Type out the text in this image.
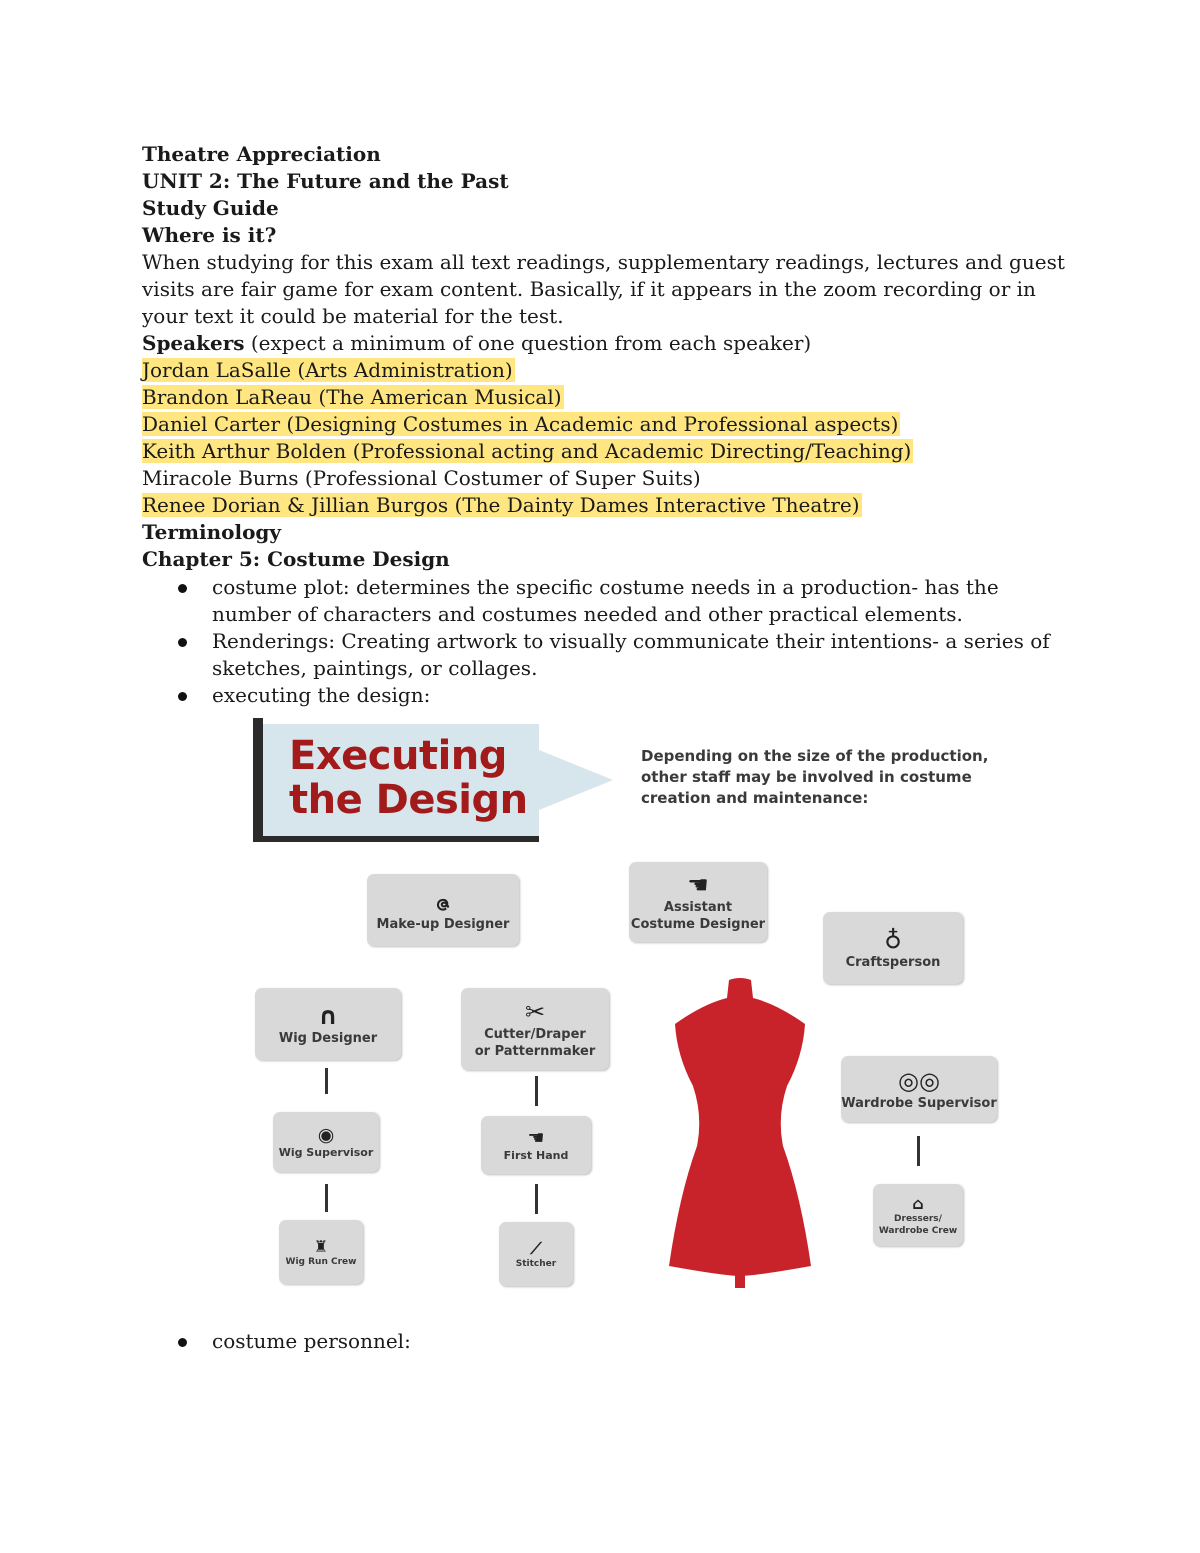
Theatre Appreciation
UNIT 2: The Future and the Past
Study Guide
Where is it?
When studying for this exam all text readings, supplementary readings, lectures and guest visits are fair game for exam content. Basically, if it appears in the zoom recording or in your text it could be material for the test.
Speakers (expect a minimum of one question from each speaker)
Jordan LaSalle (Arts Administration)
Brandon LaReau (The American Musical)
Daniel Carter (Designing Costumes in Academic and Professional aspects)
Keith Arthur Bolden (Professional acting and Academic Directing/Teaching)
Miracole Burns (Professional Costumer of Super Suits)
Renee Dorian & Jillian Burgos (The Dainty Dames Interactive Theatre)
Terminology
Chapter 5: Costume Design
costume plot: determines the specific costume needs in a production- has the number of characters and costumes needed and other practical elements.
Renderings: Creating artwork to visually communicate their intentions- a series of sketches, paintings, or collages.
executing the design:
Executing
the Design
Depending on the size of the production, other staff may be involved in costume creation and maintenance:
ဇ
Make-up Designer
☚
Assistant
Costume Designer
♁
Craftsperson
∩
Wig Designer
✂
Cutter/Draper
or Patternmaker
◎◎
Wardrobe Supervisor
◉
Wig Supervisor
☚
First Hand
⌂
Dressers/
Wardrobe Crew
♜
Wig Run Crew
⟋
Stitcher
costume personnel:
